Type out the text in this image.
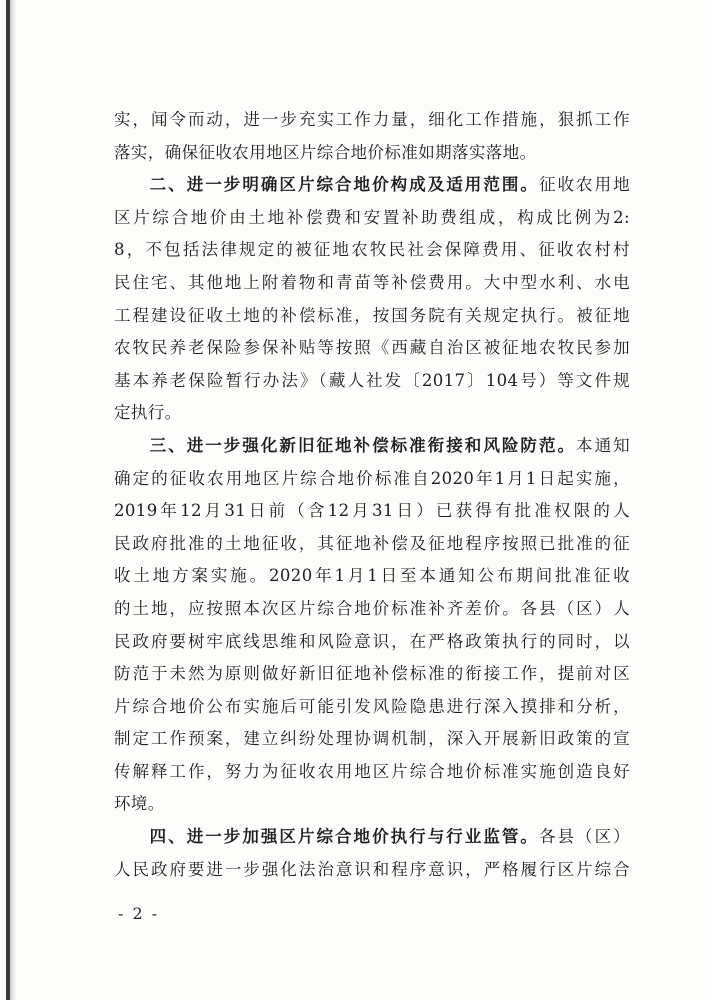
实，闻令而动，进一步充实工作力量，细化工作措施，狠抓工作
落实，确保征收农用地区片综合地价标准如期落实落地。
二、进一步明确区片综合地价构成及适用范围。征收农用地
区片综合地价由土地补偿费和安置补助费组成，构成比例为2:
8，不包括法律规定的被征地农牧民社会保障费用、征收农村村
民住宅、其他地上附着物和青苗等补偿费用。大中型水利、水电
工程建设征收土地的补偿标准，按国务院有关规定执行。被征地
农牧民养老保险参保补贴等按照《西藏自治区被征地农牧民参加
基本养老保险暂行办法》（藏人社发〔2017〕104号）等文件规
定执行。
三、进一步强化新旧征地补偿标准衔接和风险防范。本通知
确定的征收农用地区片综合地价标准自2020年1月1日起实施，
2019年12月31日前（含12月31日）已获得有批准权限的人
民政府批准的土地征收，其征地补偿及征地程序按照已批准的征
收土地方案实施。2020年1月1日至本通知公布期间批准征收
的土地，应按照本次区片综合地价标准补齐差价。各县（区）人
民政府要树牢底线思维和风险意识，在严格政策执行的同时，以
防范于未然为原则做好新旧征地补偿标准的衔接工作，提前对区
片综合地价公布实施后可能引发风险隐患进行深入摸排和分析，
制定工作预案，建立纠纷处理协调机制，深入开展新旧政策的宣
传解释工作，努力为征收农用地区片综合地价标准实施创造良好
环境。
四、进一步加强区片综合地价执行与行业监管。各县（区）
人民政府要进一步强化法治意识和程序意识，严格履行区片综合
- 2 -
